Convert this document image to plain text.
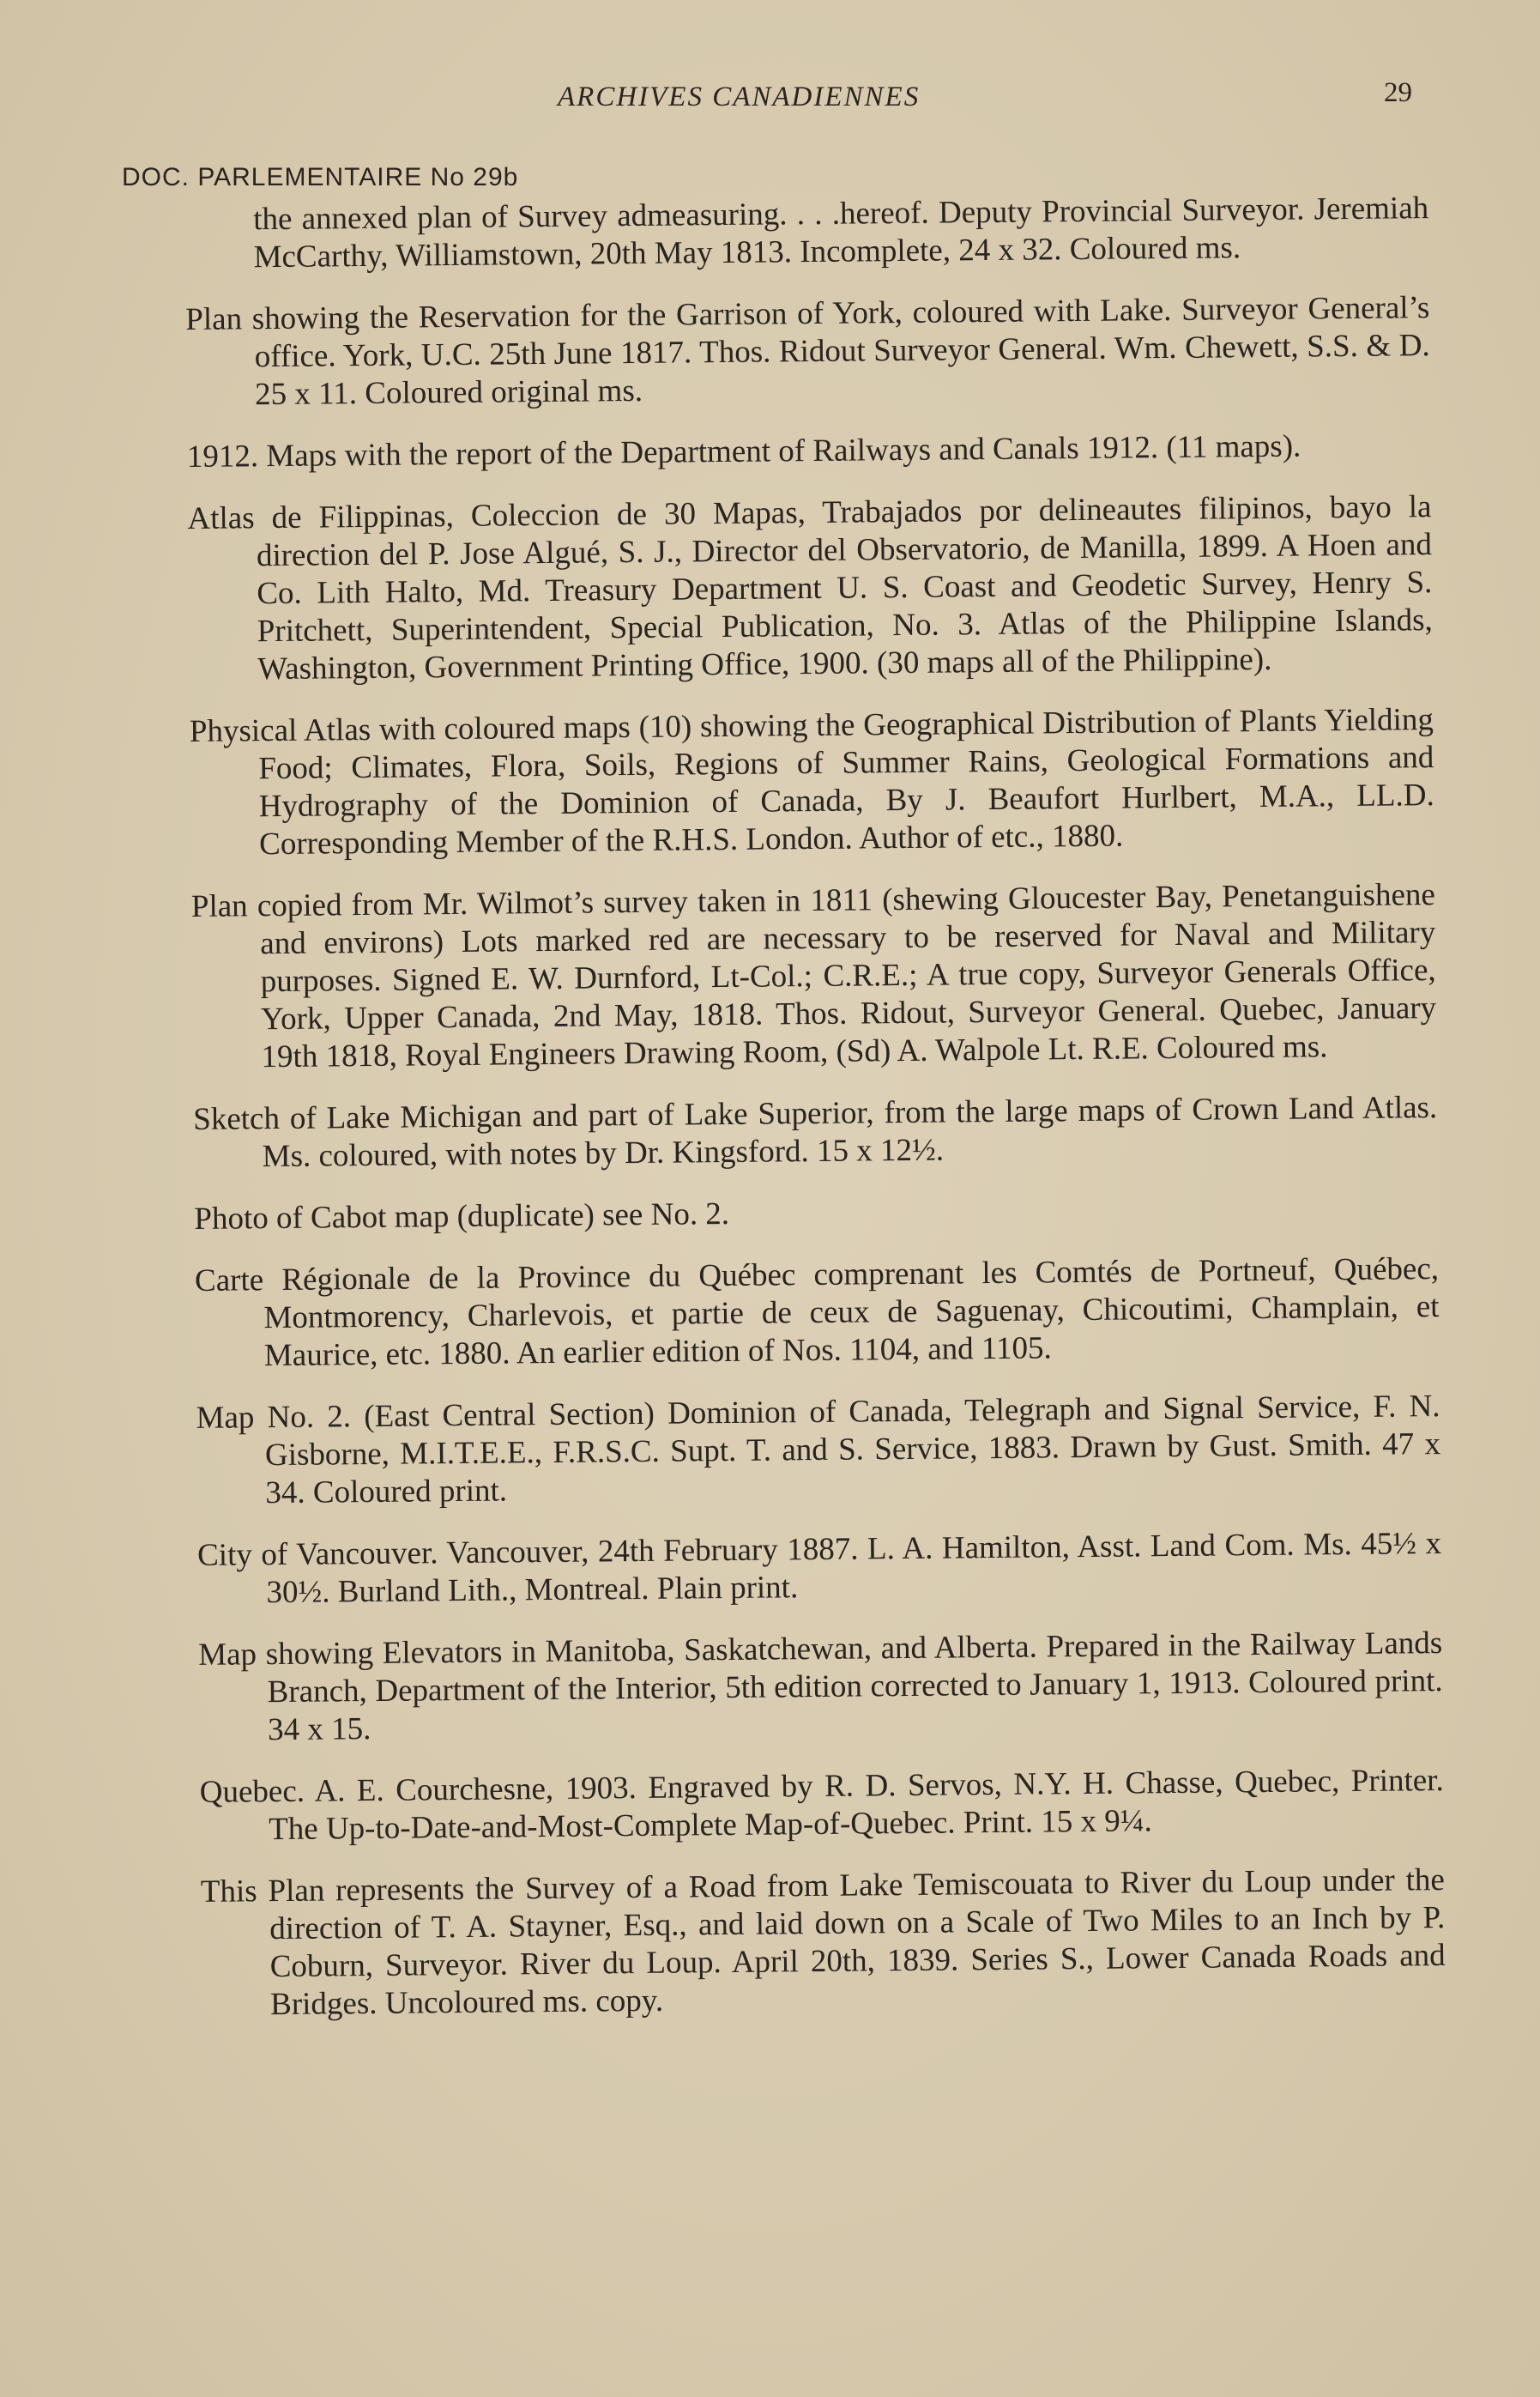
ARCHIVES CANADIENNES	29
DOC. PARLEMENTAIRE No 29b

the annexed plan of Survey admeasuring. . . .hereof. Deputy Provincial Surveyor. Jeremiah McCarthy, Williamstown, 20th May 1813. Incomplete, 24 x 32. Coloured ms.

Plan showing the Reservation for the Garrison of York, coloured with Lake. Surveyor General’s office. York, U.C. 25th June 1817. Thos. Ridout Surveyor General. Wm. Chewett, S.S. & D. 25 x 11. Coloured original ms.

1912. Maps with the report of the Department of Railways and Canals 1912. (11 maps).

Atlas de Filippinas, Coleccion de 30 Mapas, Trabajados por delineautes filipinos, bayo la direction del P. Jose Algué, S. J., Director del Observatorio, de Manilla, 1899. A Hoen and Co. Lith Halto, Md. Treasury Department U. S. Coast and Geodetic Survey, Henry S. Pritchett, Superintendent, Special Publication, No. 3. Atlas of the Philippine Islands, Washington, Government Printing Office, 1900. (30 maps all of the Philippine).

Physical Atlas with coloured maps (10) showing the Geographical Distribution of Plants Yielding Food; Climates, Flora, Soils, Regions of Summer Rains, Geological Formations and Hydrography of the Dominion of Canada, By J. Beaufort Hurlbert, M.A., LL.D. Corresponding Member of the R.H.S. London. Author of etc., 1880.

Plan copied from Mr. Wilmot’s survey taken in 1811 (shewing Gloucester Bay, Penetanguishene and environs) Lots marked red are necessary to be reserved for Naval and Military purposes. Signed E. W. Durnford, Lt-Col.; C.R.E.; A true copy, Surveyor Generals Office, York, Upper Canada, 2nd May, 1818. Thos. Ridout, Surveyor General. Quebec, January 19th 1818, Royal Engineers Drawing Room, (Sd) A. Walpole Lt. R.E. Coloured ms.

Sketch of Lake Michigan and part of Lake Superior, from the large maps of Crown Land Atlas. Ms. coloured, with notes by Dr. Kingsford. 15 x 12½.

Photo of Cabot map (duplicate) see No. 2.

Carte Régionale de la Province du Québec comprenant les Comtés de Portneuf, Québec, Montmorency, Charlevois, et partie de ceux de Saguenay, Chicoutimi, Champlain, et Maurice, etc. 1880. An earlier edition of Nos. 1104, and 1105.

Map No. 2. (East Central Section) Dominion of Canada, Telegraph and Signal Service, F. N. Gisborne, M.I.T.E.E., F.R.S.C. Supt. T. and S. Service, 1883. Drawn by Gust. Smith. 47 x 34. Coloured print.

City of Vancouver. Vancouver, 24th February 1887. L. A. Hamilton, Asst. Land Com. Ms. 45½ x 30½. Burland Lith., Montreal. Plain print.

Map showing Elevators in Manitoba, Saskatchewan, and Alberta. Prepared in the Railway Lands Branch, Department of the Interior, 5th edition corrected to January 1, 1913. Coloured print. 34 x 15.

Quebec. A. E. Courchesne, 1903. Engraved by R. D. Servos, N.Y. H. Chasse, Quebec, Printer. The Up-to-Date-and-Most-Complete Map-of-Quebec. Print. 15 x 9¼.

This Plan represents the Survey of a Road from Lake Temiscouata to River du Loup under the direction of T. A. Stayner, Esq., and laid down on a Scale of Two Miles to an Inch by P. Coburn, Surveyor. River du Loup. April 20th, 1839. Series S., Lower Canada Roads and Bridges. Uncoloured ms. copy.
